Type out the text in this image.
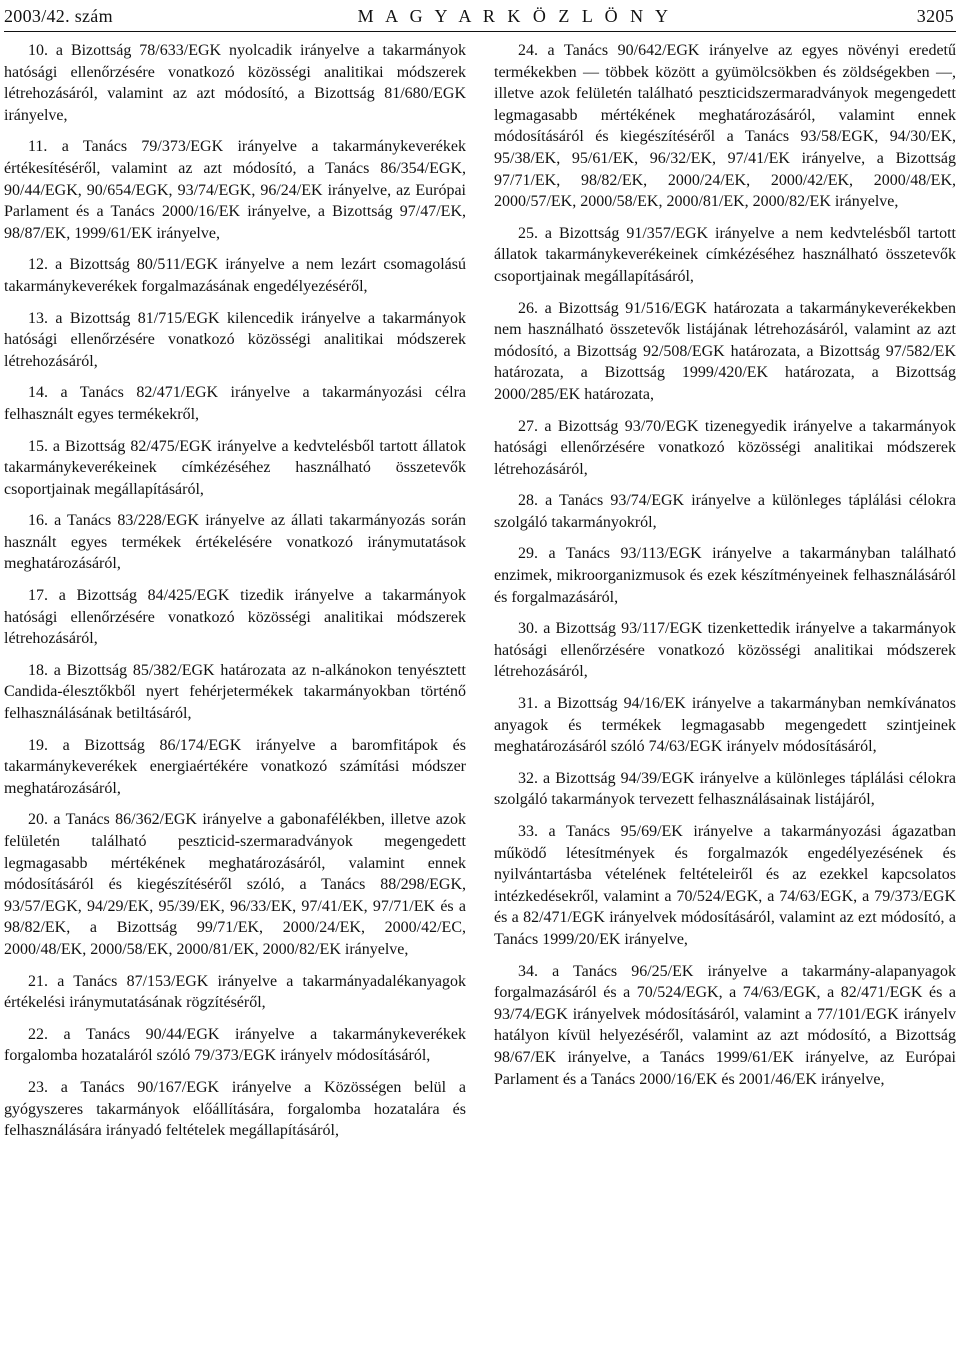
2003/42. szám	M A G Y A R K Ö Z L Ö N Y	3205

10. a Bizottság 78/633/EGK nyolcadik irányelve a takarmányok hatósági ellenőrzésére vonatkozó közösségi analitikai módszerek létrehozásáról, valamint az azt módosító, a Bizottság 81/680/EGK irányelve,

11. a Tanács 79/373/EGK irányelve a takarmánykeverékek értékesítéséről, valamint az azt módosító, a Tanács 86/354/EGK, 90/44/EGK, 90/654/EGK, 93/74/EGK, 96/24/EK irányelve, az Európai Parlament és a Tanács 2000/16/EK irányelve, a Bizottság 97/47/EK, 98/87/EK, 1999/61/EK irányelve,

12. a Bizottság 80/511/EGK irányelve a nem lezárt csomagolású takarmánykeverékek forgalmazásának engedélyezéséről,

13. a Bizottság 81/715/EGK kilencedik irányelve a takarmányok hatósági ellenőrzésére vonatkozó közösségi analitikai módszerek létrehozásáról,

14. a Tanács 82/471/EGK irányelve a takarmányozási célra felhasznált egyes termékekről,

15. a Bizottság 82/475/EGK irányelve a kedvtelésből tartott állatok takarmánykeverékeinek címkézéséhez használható összetevők csoportjainak megállapításáról,

16. a Tanács 83/228/EGK irányelve az állati takarmányozás során használt egyes termékek értékelésére vonatkozó iránymutatások meghatározásáról,

17. a Bizottság 84/425/EGK tizedik irányelve a takarmányok hatósági ellenőrzésére vonatkozó közösségi analitikai módszerek létrehozásáról,

18. a Bizottság 85/382/EGK határozata az n-alkánokon tenyésztett Candida-élesztőkből nyert fehérjetermékek takarmányokban történő felhasználásának betiltásáról,

19. a Bizottság 86/174/EGK irányelve a baromfitápok és takarmánykeverékek energiaértékére vonatkozó számítási módszer meghatározásáról,

20. a Tanács 86/362/EGK irányelve a gabonafélékben, illetve azok felületén található peszticid-szermaradványok megengedett legmagasabb mértékének meghatározásáról, valamint ennek módosításáról és kiegészítéséről szóló, a Tanács 88/298/EGK, 93/57/EGK, 94/29/EK, 95/39/EK, 96/33/EK, 97/41/EK, 97/71/EK és a 98/82/EK, a Bizottság 99/71/EK, 2000/24/EK, 2000/42/EC, 2000/48/EK, 2000/58/EK, 2000/81/EK, 2000/82/EK irányelve,

21. a Tanács 87/153/EGK irányelve a takarmányadalékanyagok értékelési iránymutatásának rögzítéséről,

22. a Tanács 90/44/EGK irányelve a takarmánykeverékek forgalomba hozataláról szóló 79/373/EGK irányelv módosításáról,

23. a Tanács 90/167/EGK irányelve a Közösségen belül a gyógyszeres takarmányok előállítására, forgalomba hozatalára és felhasználására irányadó feltételek megállapításáról,

24. a Tanács 90/642/EGK irányelve az egyes növényi eredetű termékekben — többek között a gyümölcsökben és zöldségekben —, illetve azok felületén található peszticidszermaradványok megengedett legmagasabb mértékének meghatározásáról, valamint ennek módosításáról és kiegészítéséről a Tanács 93/58/EGK, 94/30/EK, 95/38/EK, 95/61/EK, 96/32/EK, 97/41/EK irányelve, a Bizottság 97/71/EK, 98/82/EK, 2000/24/EK, 2000/42/EK, 2000/48/EK, 2000/57/EK, 2000/58/EK, 2000/81/EK, 2000/82/EK irányelve,

25. a Bizottság 91/357/EGK irányelve a nem kedvtelésből tartott állatok takarmánykeverékeinek címkézéséhez használható összetevők csoportjainak megállapításáról,

26. a Bizottság 91/516/EGK határozata a takarmánykeverékekben nem használható összetevők listájának létrehozásáról, valamint az azt módosító, a Bizottság 92/508/EGK határozata, a Bizottság 97/582/EK határozata, a Bizottság 1999/420/EK határozata, a Bizottság 2000/285/EK határozata,

27. a Bizottság 93/70/EGK tizenegyedik irányelve a takarmányok hatósági ellenőrzésére vonatkozó közösségi analitikai módszerek létrehozásáról,

28. a Tanács 93/74/EGK irányelve a különleges táplálási célokra szolgáló takarmányokról,

29. a Tanács 93/113/EGK irányelve a takarmányban található enzimek, mikroorganizmusok és ezek készítményeinek felhasználásáról és forgalmazásáról,

30. a Bizottság 93/117/EGK tizenkettedik irányelve a takarmányok hatósági ellenőrzésére vonatkozó közösségi analitikai módszerek létrehozásáról,

31. a Bizottság 94/16/EK irányelve a takarmányban nemkívánatos anyagok és termékek legmagasabb megengedett szintjeinek meghatározásáról szóló 74/63/EGK irányelv módosításáról,

32. a Bizottság 94/39/EGK irányelve a különleges táplálási célokra szolgáló takarmányok tervezett felhasználásainak listájáról,

33. a Tanács 95/69/EK irányelve a takarmányozási ágazatban működő létesítmények és forgalmazók engedélyezésének és nyilvántartásba vételének feltételeiről és az ezekkel kapcsolatos intézkedésekről, valamint a 70/524/EGK, a 74/63/EGK, a 79/373/EGK és a 82/471/EGK irányelvek módosításáról, valamint az ezt módosító, a Tanács 1999/20/EK irányelve,

34. a Tanács 96/25/EK irányelve a takarmány-alapanyagok forgalmazásáról és a 70/524/EGK, a 74/63/EGK, a 82/471/EGK és a 93/74/EGK irányelvek módosításáról, valamint a 77/101/EGK irányelv hatályon kívül helyezéséről, valamint az azt módosító, a Bizottság 98/67/EK irányelve, a Tanács 1999/61/EK irányelve, az Európai Parlament és a Tanács 2000/16/EK és 2001/46/EK irányelve,
